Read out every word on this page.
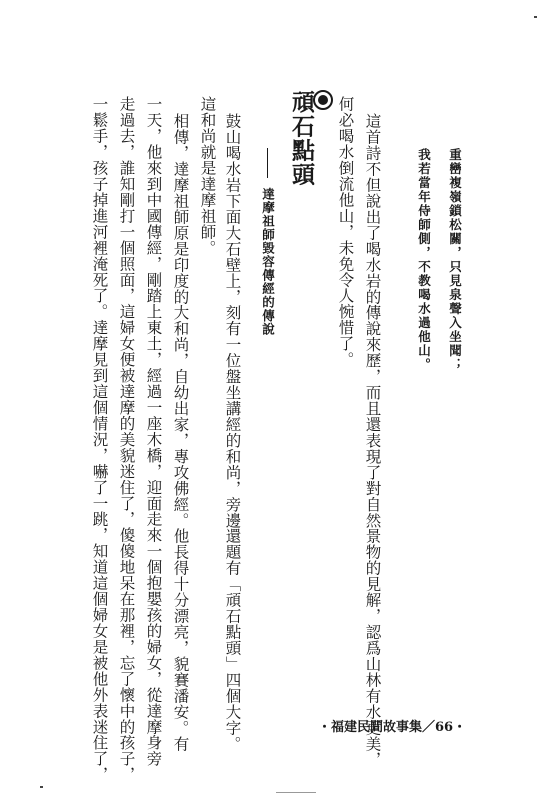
重巒複嶺鎖松關，只見泉聲入坐聞；
我若當年侍師側，不教喝水過他山。
這首詩不但說出了喝水岩的傳說來歷，而且還表現了對自然景物的見解，認爲山林有水更美，
何必喝水倒流他山，未免令人惋惜了。
頑石點頭
達摩祖師毀容傳經的傳說
鼓山喝水岩下面大石壁上，刻有一位盤坐講經的和尚，旁邊還題有「頑石點頭」四個大字。
這和尚就是達摩祖師。
相傳，達摩祖師原是印度的大和尚，自幼出家，專攻佛經。他長得十分漂亮，貌賽潘安。有
一天，他來到中國傳經，剛踏上東土，經過一座木橋，迎面走來一個抱嬰孩的婦女，從達摩身旁
走過去，誰知剛打一個照面，這婦女便被達摩的美貌迷住了，傻傻地呆在那裡，忘了懷中的孩子，
一鬆手，孩子掉進河裡淹死了。達摩見到這個情況，嚇了一跳，知道這個婦女是被他外表迷住了，	・福建民間故事集／66・
